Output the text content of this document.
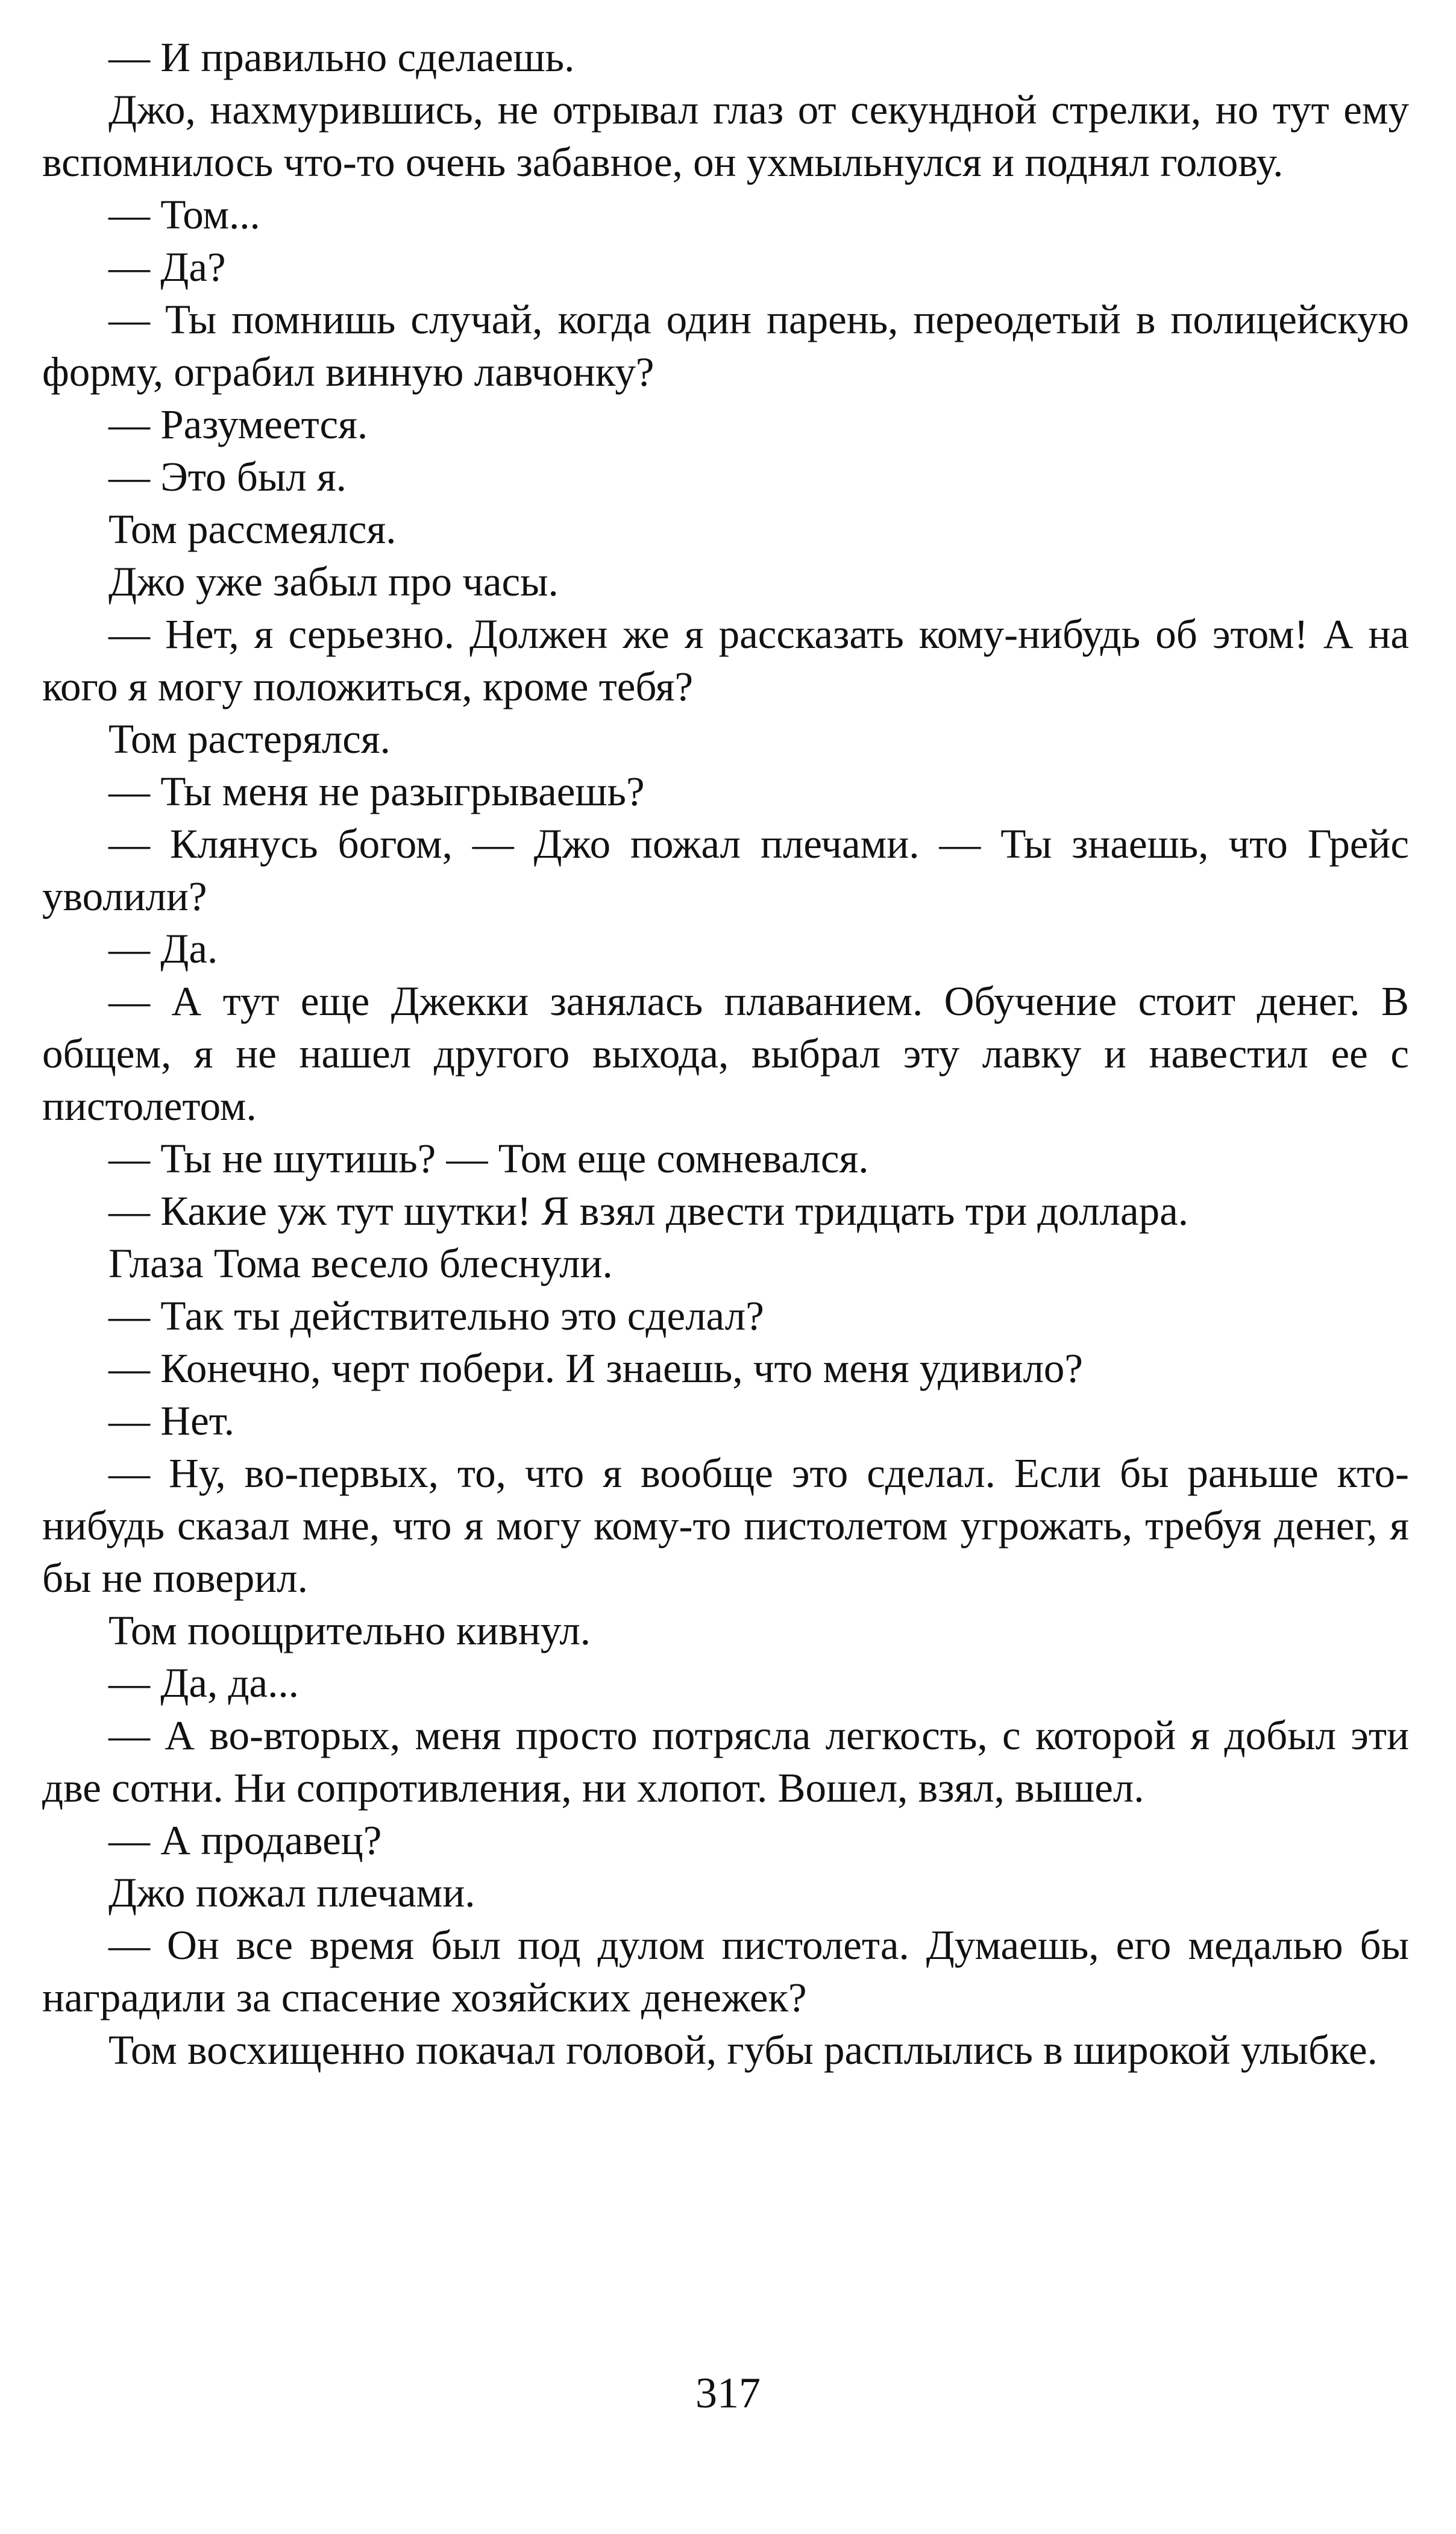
— И правильно сделаешь.

Джо, нахмурившись, не отрывал глаз от секундной стрелки, но тут ему вспомнилось что-то очень забавное, он ухмыльнулся и поднял голову.

— Том...

— Да?

— Ты помнишь случай, когда один парень, переодетый в полицейскую форму, ограбил винную лавчонку?

— Разумеется.

— Это был я.

Том рассмеялся.

Джо уже забыл про часы.

— Нет, я серьезно. Должен же я рассказать кому-нибудь об этом! А на кого я могу положиться, кроме тебя?

Том растерялся.

— Ты меня не разыгрываешь?

— Клянусь богом, — Джо пожал плечами. — Ты знаешь, что Грейс уволили?

— Да.

— А тут еще Джекки занялась плаванием. Обучение стоит денег. В общем, я не нашел другого выхода, выбрал эту лавку и навестил ее с пистолетом.

— Ты не шутишь? — Том еще сомневался.

— Какие уж тут шутки! Я взял двести тридцать три доллара.

Глаза Тома весело блеснули.

— Так ты действительно это сделал?

— Конечно, черт побери. И знаешь, что меня удивило?

— Нет.

— Ну, во-первых, то, что я вообще это сделал. Если бы раньше кто-нибудь сказал мне, что я могу кому-то пистолетом угрожать, требуя денег, я бы не поверил.

Том поощрительно кивнул.

— Да, да...

— А во-вторых, меня просто потрясла легкость, с которой я добыл эти две сотни. Ни сопротивления, ни хлопот. Вошел, взял, вышел.

— А продавец?

Джо пожал плечами.

— Он все время был под дулом пистолета. Думаешь, его медалью бы наградили за спасение хозяйских денежек?

Том восхищенно покачал головой, губы расплылись в широкой улыбке.

317
